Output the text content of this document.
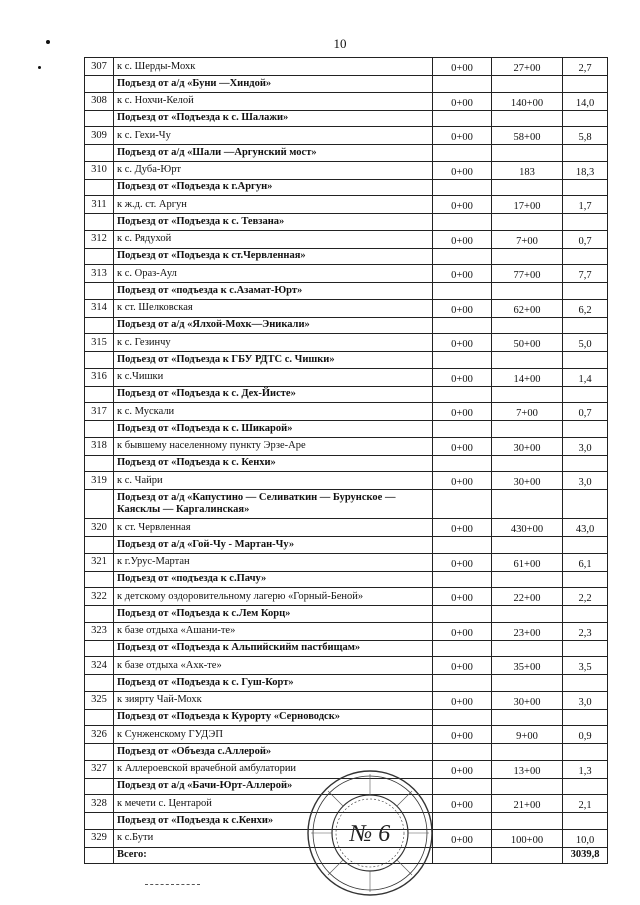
10
307	к с. Шерды-Мохк	0+00	27+00	2,7
	Подъезд от а/д «Буни —Хиндой»			
308	к с. Нохчи-Келой	0+00	140+00	14,0
	Подъезд от «Подъезда к с. Шалажи»			
309	к с. Гехи-Чу	0+00	58+00	5,8
	Подъезд от а/д «Шали —Аргунский мост»			
310	к с. Дуба-Юрт	0+00	183	18,3
	Подъезд от «Подъезда к г.Аргун»			
311	к ж.д. ст. Аргун	0+00	17+00	1,7
	Подъезд от «Подъезда к с. Тевзана»			
312	к с. Рядухой	0+00	7+00	0,7
	Подъезд от «Подъезда к ст.Червленная»			
313	к с. Ораз-Аул	0+00	77+00	7,7
	Подъезд от «подъезда к с.Азамат-Юрт»			
314	к ст. Шелковская	0+00	62+00	6,2
	Подъезд от а/д «Ялхой-Мохк—Эникали»			
315	к с. Гезинчу	0+00	50+00	5,0
	Подъезд от «Подъезда к ГБУ РДТС с. Чишки»			
316	к с.Чишки	0+00	14+00	1,4
	Подъезд от «Подъезда к с. Дех-Йисте»			
317	к с. Мускали	0+00	7+00	0,7
	Подъезд от «Подъезда к с. Шикарой»			
318	к бывшему населенному пункту Эрзе-Аре	0+00	30+00	3,0
	Подъезд от «Подъезда к с. Кенхи»			
319	к с. Чайри	0+00	30+00	3,0
	Подъезд от а/д «Капустино — Селиваткин — Бурунское — Каясклы — Каргалинская»			
320	к ст. Червленная	0+00	430+00	43,0
	Подъезд от а/д «Гой-Чу - Мартан-Чу»			
321	к г.Урус-Мартан	0+00	61+00	6,1
	Подъезд от «подъезда к с.Пачу»			
322	к детскому оздоровительному лагерю «Горный-Беной»	0+00	22+00	2,2
	Подъезд от «Подъезда к с.Лем Корц»			
323	к базе отдыха «Ашани-те»	0+00	23+00	2,3
	Подъезд от «Подъезда к Альпийскийм пастбищам»			
324	к базе отдыха «Ахк-те»	0+00	35+00	3,5
	Подъезд от «Подъезда к с. Гуш-Корт»			
325	к зиярту Чай-Мохк	0+00	30+00	3,0
	Подъезд от «Подъезда к Курорту «Серноводск»			
326	к Сунженскому ГУДЭП	0+00	9+00	0,9
	Подъезд от «Объезда с.Аллерой»			
327	к Аллероевской врачебной амбулатории	0+00	13+00	1,3
	Подъезд от а/д «Бачи-Юрт-Аллерой»			
328	к мечети с. Центарой	0+00	21+00	2,1
	Подъезд от «Подъезда к с.Кенхи»			
329	к с.Бути	0+00	100+00	10,0
	Всего:			3039,8
№ 6
